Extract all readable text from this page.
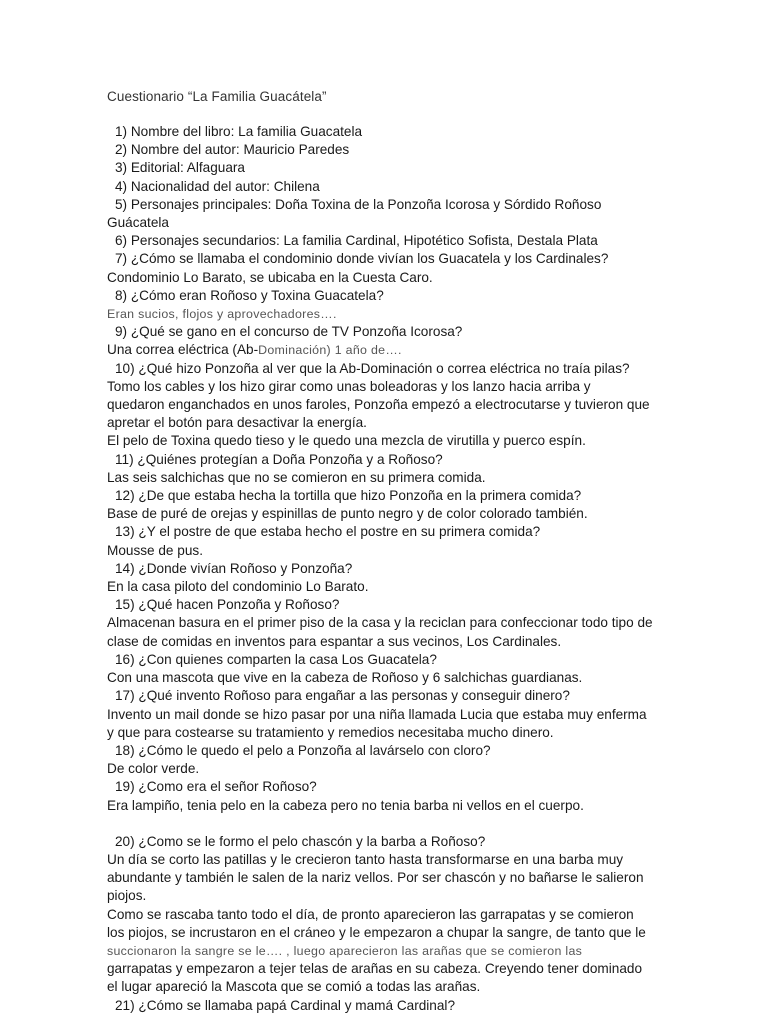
Cuestionario “La Familia Guacátela”

1) Nombre del libro: La familia Guacatela

2) Nombre del autor: Mauricio Paredes

3) Editorial: Alfaguara

4) Nacionalidad del autor: Chilena

5) Personajes principales: Doña Toxina de la Ponzoña Icorosa y Sórdido Roñoso

Guácatela

6) Personajes secundarios: La familia Cardinal, Hipotético Sofista, Destala Plata

7) ¿Cómo se llamaba el condominio donde vivían los Guacatela y los Cardinales?

Condominio Lo Barato, se ubicaba en la Cuesta Caro.

8) ¿Cómo eran Roñoso y Toxina Guacatela?

Eran sucios, flojos y aprovechadores….

9) ¿Qué se gano en el concurso de TV Ponzoña Icorosa?

Una correa eléctrica (Ab-Dominación) 1 año de….

10) ¿Qué hizo Ponzoña al ver que la Ab-Dominación o correa eléctrica no traía pilas?

Tomo los cables y los hizo girar como unas boleadoras y los lanzo hacia arriba y

quedaron enganchados en unos faroles, Ponzoña empezó a electrocutarse y tuvieron que

apretar el botón para desactivar la energía.

El pelo de Toxina quedo tieso y le quedo una mezcla de virutilla y puerco espín.

11) ¿Quiénes protegían a Doña Ponzoña y a Roñoso?

Las seis salchichas que no se comieron en su primera comida.

12) ¿De que estaba hecha la tortilla que hizo Ponzoña en la primera comida?

Base de puré de orejas y espinillas de punto negro y de color colorado también.

13) ¿Y el postre de que estaba hecho el postre en su primera comida?

Mousse de pus.

14) ¿Donde vivían Roñoso y Ponzoña?

En la casa piloto del condominio Lo Barato.

15) ¿Qué hacen Ponzoña y Roñoso?

Almacenan basura en el primer piso de la casa y la reciclan para confeccionar todo tipo de

clase de comidas en inventos para espantar a sus vecinos, Los Cardinales.

16) ¿Con quienes comparten la casa Los Guacatela?

Con una mascota que vive en la cabeza de Roñoso y 6 salchichas guardianas.

17) ¿Qué invento Roñoso para engañar a las personas y conseguir dinero?

Invento un mail donde se hizo pasar por una niña llamada Lucia que estaba muy enferma

y que para costearse su tratamiento y remedios necesitaba mucho dinero.

18) ¿Cómo le quedo el pelo a Ponzoña al lavárselo con cloro?

De color verde.

19) ¿Como era el señor Roñoso?

Era lampiño, tenia pelo en la cabeza pero no tenia barba ni vellos en el cuerpo.

20) ¿Como se le formo el pelo chascón y la barba a Roñoso?

Un día se corto las patillas y le crecieron tanto hasta transformarse en una barba muy

abundante y también le salen de la nariz vellos. Por ser chascón y no bañarse le salieron

piojos.

Como se rascaba tanto todo el día, de pronto aparecieron las garrapatas y se comieron

los piojos, se incrustaron en el cráneo y le empezaron a chupar la sangre, de tanto que le

succionaron la sangre se le…. , luego aparecieron las arañas que se comieron las

garrapatas y empezaron a tejer telas de arañas en su cabeza. Creyendo tener dominado

el lugar apareció la Mascota que se comió a todas las arañas.

21) ¿Cómo se llamaba papá Cardinal y mamá Cardinal?
